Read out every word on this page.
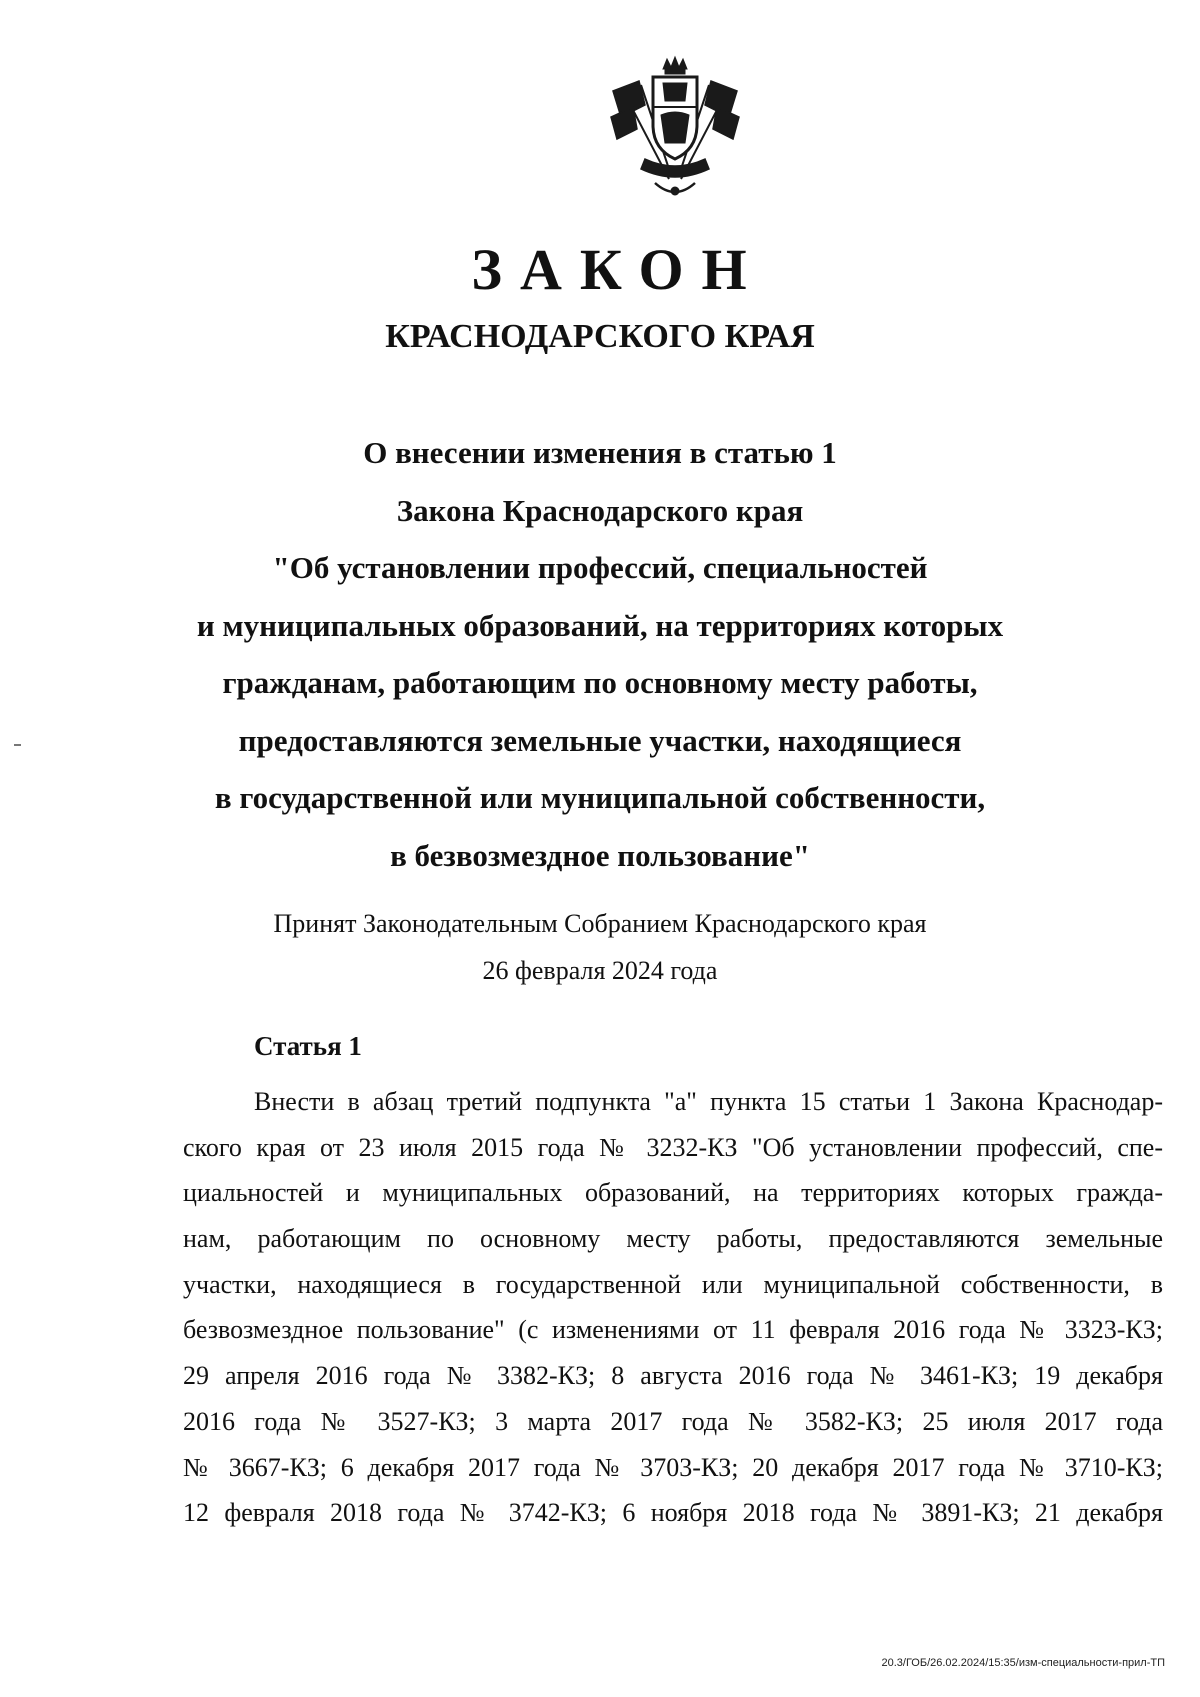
ЗАКОН
КРАСНОДАРСКОГО КРАЯ
О внесении изменения в статью 1
Закона Краснодарского края
"Об установлении профессий, специальностей
и муниципальных образований, на территориях которых
гражданам, работающим по основному месту работы,
предоставляются земельные участки, находящиеся
в государственной или муниципальной собственности,
в безвозмездное пользование"
Принят Законодательным Собранием Краснодарского края
26 февраля 2024 года
Статья 1
Внести в абзац третий подпункта "а" пункта 15 статьи 1 Закона Краснодар-
ского края от 23 июля 2015 года № 3232-КЗ "Об установлении профессий, спе-
циальностей и муниципальных образований, на территориях которых гражда-
нам, работающим по основному месту работы, предоставляются земельные
участки, находящиеся в государственной или муниципальной собственности, в
безвозмездное пользование" (с изменениями от 11 февраля 2016 года № 3323-КЗ;
29 апреля 2016 года № 3382-КЗ; 8 августа 2016 года № 3461-КЗ; 19 декабря
2016 года № 3527-КЗ; 3 марта 2017 года № 3582-КЗ; 25 июля 2017 года
№ 3667-КЗ; 6 декабря 2017 года № 3703-КЗ; 20 декабря 2017 года № 3710-КЗ;
12 февраля 2018 года № 3742-КЗ; 6 ноября 2018 года № 3891-КЗ; 21 декабря
20.3/ГОБ/26.02.2024/15:35/изм-специальности-прил-ТП
